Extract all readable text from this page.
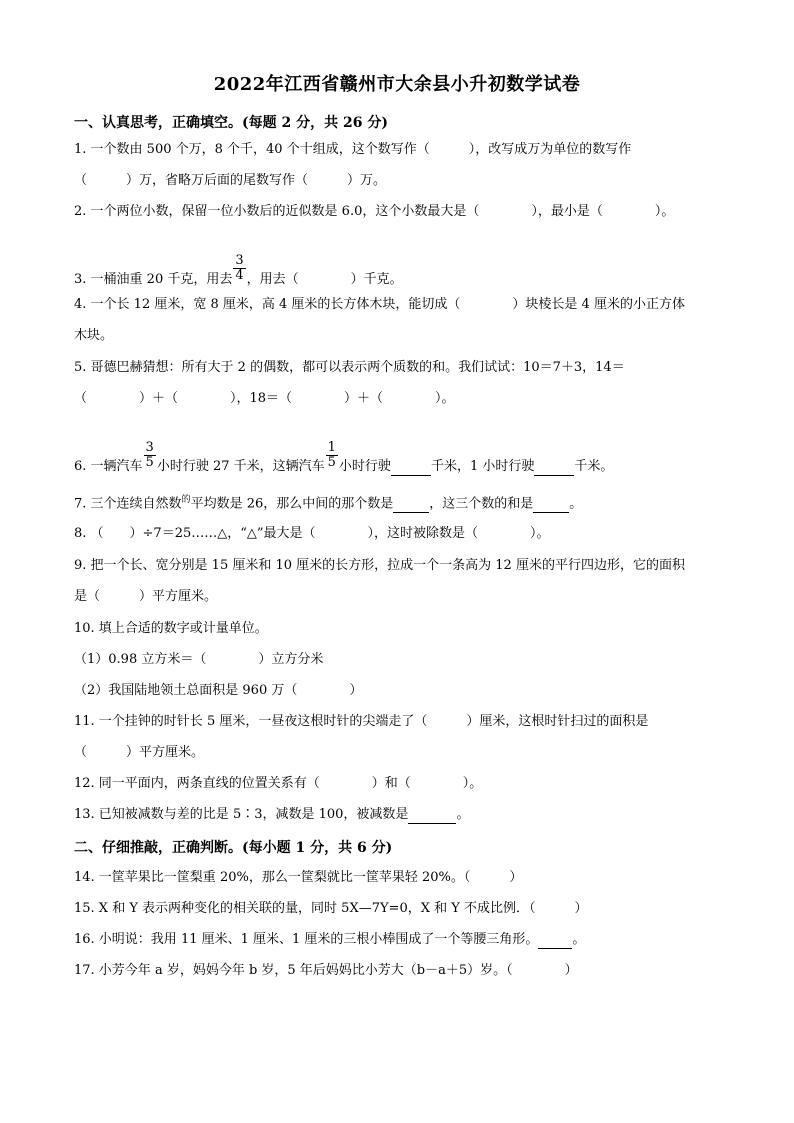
2022年江西省赣州市大余县小升初数学试卷
一、认真思考，正确填空。(每题 2 分，共 26 分)
1. 一个数由 500 个万，8 个千，40 个十组成，这个数写作（　　　），改写成万为单位的数写作
（　　　）万，省略万后面的尾数写作（　　　）万。
2. 一个两位小数，保留一位小数后的近似数是 6.0，这个小数最大是（　　　　），最小是（　　　　）。
3. 一桶油重 20 千克，用去 $\frac{3}{4}$ ，用去（　　　　）千克。
4. 一个长 12 厘米，宽 8 厘米，高 4 厘米的长方体木块，能切成（　　　　）块棱长是 4 厘米的小正方体
木块。
5. 哥德巴赫猜想：所有大于 2 的偶数，都可以表示两个质数的和。我们试试：10＝7＋3，14＝
（　　　　）＋（　　　　），18＝（　　　　）＋（　　　　）。
6. 一辆汽车 $\frac{3}{5}$ 小时行驶 27 千米，这辆汽车 $\frac{1}{5}$ 小时行驶	千米，1 小时行驶	千米。
7. 三个连续自然数$^的$平均数是 26，那么中间的那个数是	，这三个数的和是	。
8. （　　）÷7＝25……△，“△”最大是（　　　　），这时被除数是（　　　　）。
9. 把一个长、宽分别是 15 厘米和 10 厘米的长方形，拉成一个一条高为 12 厘米的平行四边形，它的面积
是（　　　）平方厘米。
10. 填上合适的数字或计量单位。
（1）0.98 立方米＝（　　　　）立方分米
（2）我国陆地领土总面积是 960 万（　　　　）
11. 一个挂钟的时针长 5 厘米，一昼夜这根时针的尖端走了（　　　）厘米，这根时针扫过的面积是
（　　　）平方厘米。
12. 同一平面内，两条直线的位置关系有（　　　　）和（　　　　）。
13. 已知被减数与差的比是 5∶3，减数是 100，被减数是	。
二、仔细推敲，正确判断。(每小题 1 分，共 6 分)
14. 一筐苹果比一筐梨重 20%，那么一筐梨就比一筐苹果轻 20%。（　　　）
15. X 和 Y 表示两种变化的相关联的量，同时 5X—7Y=0，X 和 Y 不成比例．（　　　）
16. 小明说：我用 11 厘米、1 厘米、1 厘米的三根小棒围成了一个等腰三角形。	。
17. 小芳今年 a 岁，妈妈今年 b 岁，5 年后妈妈比小芳大（b－a＋5）岁。（　　　　）
